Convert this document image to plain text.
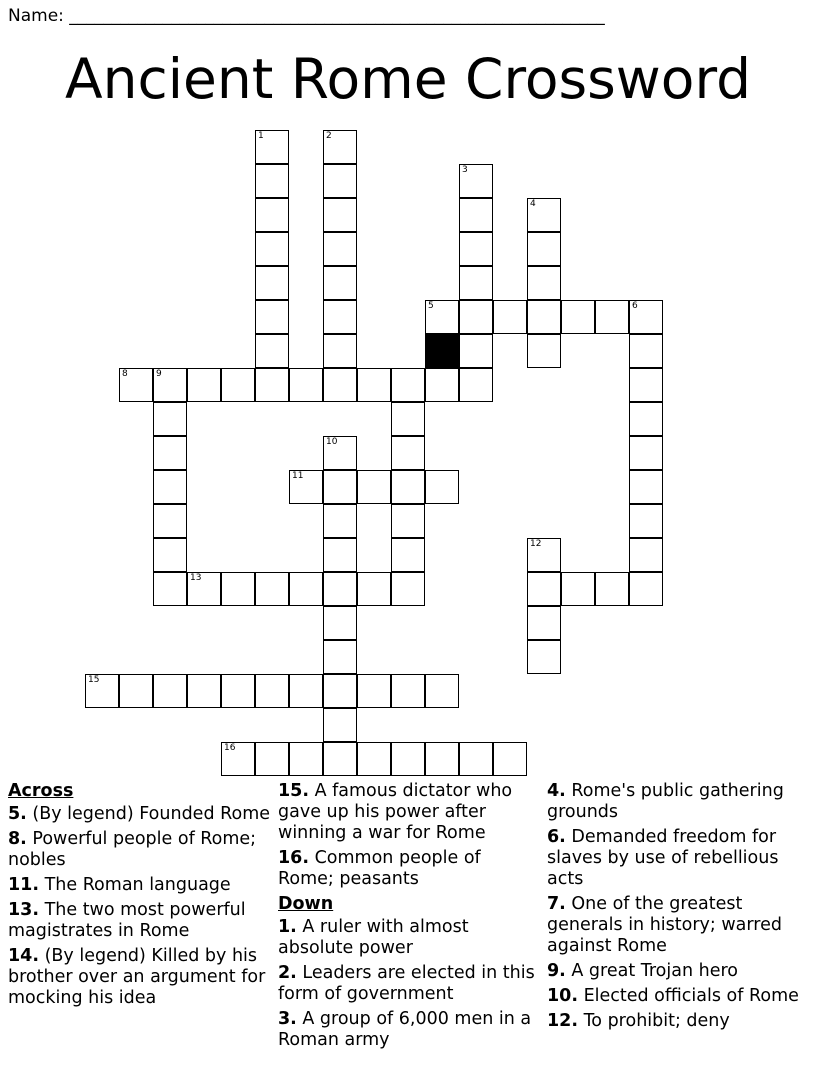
Name: _______________________________________________________________
Ancient Rome Crossword
1	2
3
4
5	6
8	9
10
11
13
12
15
16
Across
5. (By legend) Founded Rome
8. Powerful people of Rome; nobles
11. The Roman language
13. The two most powerful magistrates in Rome
14. (By legend) Killed by his brother over an argument for mocking his idea
15. A famous dictator who gave up his power after winning a war for Rome
16. Common people of Rome; peasants
Down
1. A ruler with almost absolute power
2. Leaders are elected in this form of government
3. A group of 6,000 men in a Roman army
4. Rome's public gathering grounds
6. Demanded freedom for slaves by use of rebellious acts
7. One of the greatest generals in history; warred against Rome
9. A great Trojan hero
10. Elected officials of Rome
12. To prohibit; deny
